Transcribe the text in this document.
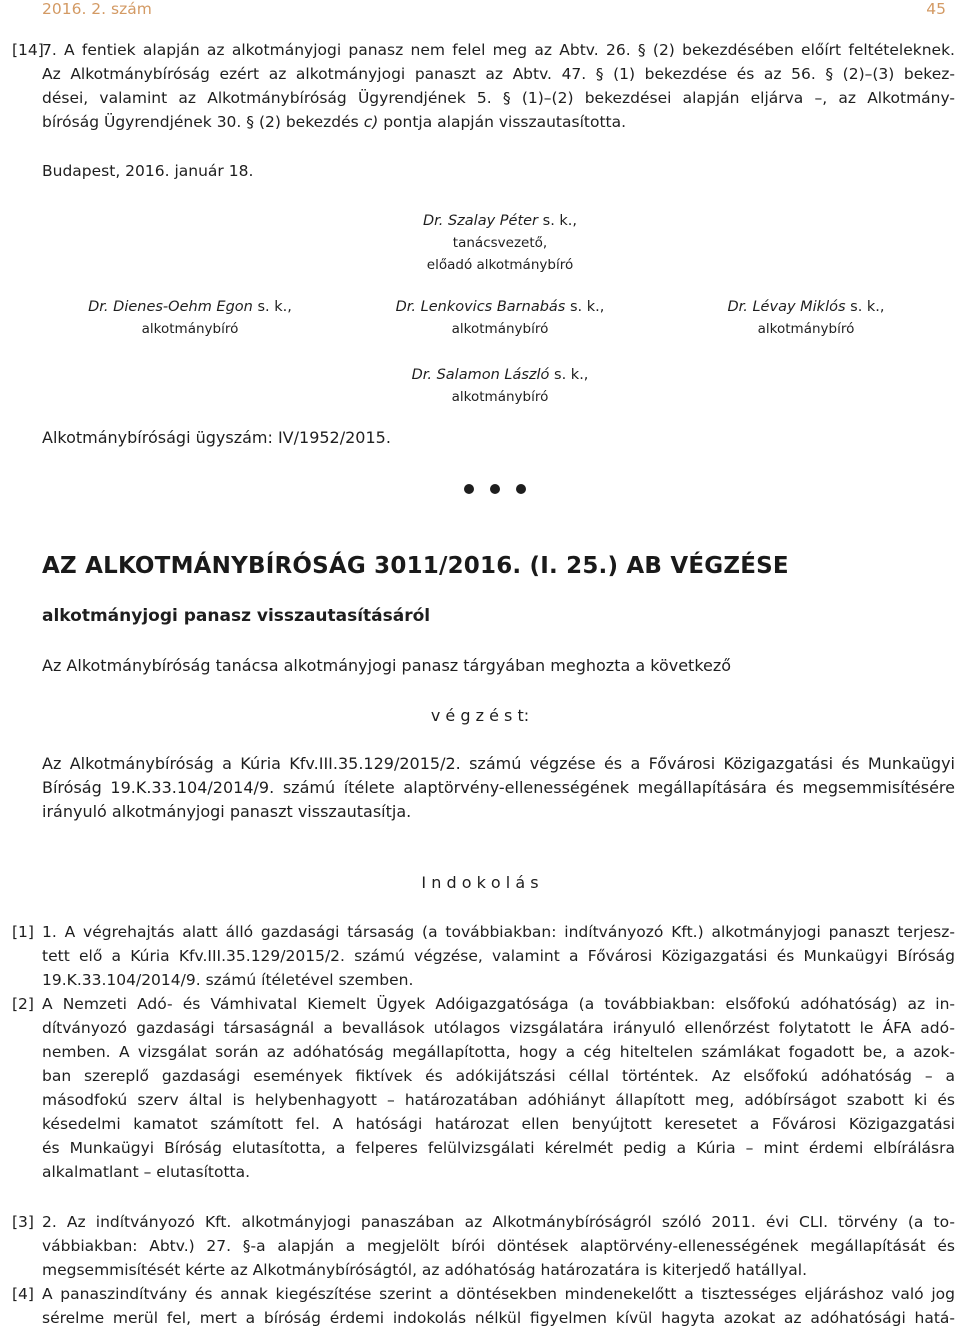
2016. 2. szám	45
[14]
7. A fentiek alapján az alkotmányjogi panasz nem felel meg az Abtv. 26. § (2) bekezdésében előírt feltételeknek.
Az Alkotmánybíróság ezért az alkotmányjogi panaszt az Abtv. 47. § (1) bekezdése és az 56. § (2)–(3) bekez-
dései, valamint az Alkotmánybíróság Ügyrendjének 5. § (1)–(2) bekezdései alapján eljárva –, az Alkotmány-
bíróság Ügyrendjének 30. § (2) bekezdés c) pontja alapján visszautasította.
Budapest, 2016. január 18.
Dr. Szalay Péter s. k.,
tanácsvezető,
előadó alkotmánybíró
Dr. Dienes-Oehm Egon s. k.,
alkotmánybíró
Dr. Lenkovics Barnabás s. k.,
alkotmánybíró
Dr. Lévay Miklós s. k.,
alkotmánybíró
Dr. Salamon László s. k.,
alkotmánybíró
Alkotmánybírósági ügyszám: IV/1952/2015.
AZ ALKOTMÁNYBÍRÓSÁG 3011/2016. (I. 25.) AB VÉGZÉSE
alkotmányjogi panasz visszautasításáról
Az Alkotmánybíróság tanácsa alkotmányjogi panasz tárgyában meghozta a következő
v é g z é s t:
Az Alkotmánybíróság a Kúria Kfv.III.35.129/2015/2. számú végzése és a Fővárosi Közigazgatási és Munkaügyi
Bíróság 19.K.33.104/2014/9. számú ítélete alaptörvény-ellenességének megállapítására és megsemmisítésére
irányuló alkotmányjogi panaszt visszautasítja.
I n d o k o l á s
[1] 1. A végrehajtás alatt álló gazdasági társaság (a továbbiakban: indítványozó Kft.) alkotmányjogi panaszt terjesz-
tett elő a Kúria Kfv.III.35.129/2015/2. számú végzése, valamint a Fővárosi Közigazgatási és Munkaügyi Bíróság
19.K.33.104/2014/9. számú ítéletével szemben.
[2] A Nemzeti Adó- és Vámhivatal Kiemelt Ügyek Adóigazgatósága (a továbbiakban: elsőfokú adóhatóság) az in-
dítványozó gazdasági társaságnál a bevallások utólagos vizsgálatára irányuló ellenőrzést folytatott le ÁFA adó-
nemben. A vizsgálat során az adóhatóság megállapította, hogy a cég hiteltelen számlákat fogadott be, a azok-
ban szereplő gazdasági események fiktívek és adókijátszási céllal történtek. Az elsőfokú adóhatóság – a
másodfokú szerv által is helybenhagyott – határozatában adóhiányt állapított meg, adóbírságot szabott ki és
késedelmi kamatot számított fel. A hatósági határozat ellen benyújtott keresetet a Fővárosi Közigazgatási
és Munkaügyi Bíróság elutasította, a felperes felülvizsgálati kérelmét pedig a Kúria – mint érdemi elbírálásra
alkalmatlant – elutasította.
[3] 2. Az indítványozó Kft. alkotmányjogi panaszában az Alkotmánybíróságról szóló 2011. évi CLI. törvény (a to-
vábbiakban: Abtv.) 27. §-a alapján a megjelölt bírói döntések alaptörvény-ellenességének megállapítását és
megsemmisítését kérte az Alkotmánybíróságtól, az adóhatóság határozatára is kiterjedő hatállyal.
[4] A panaszindítvány és annak kiegészítése szerint a döntésekben mindenekelőtt a tisztességes eljáráshoz való jog
sérelme merül fel, mert a bíróság érdemi indokolás nélkül figyelmen kívül hagyta azokat az adóhatósági hatá-
